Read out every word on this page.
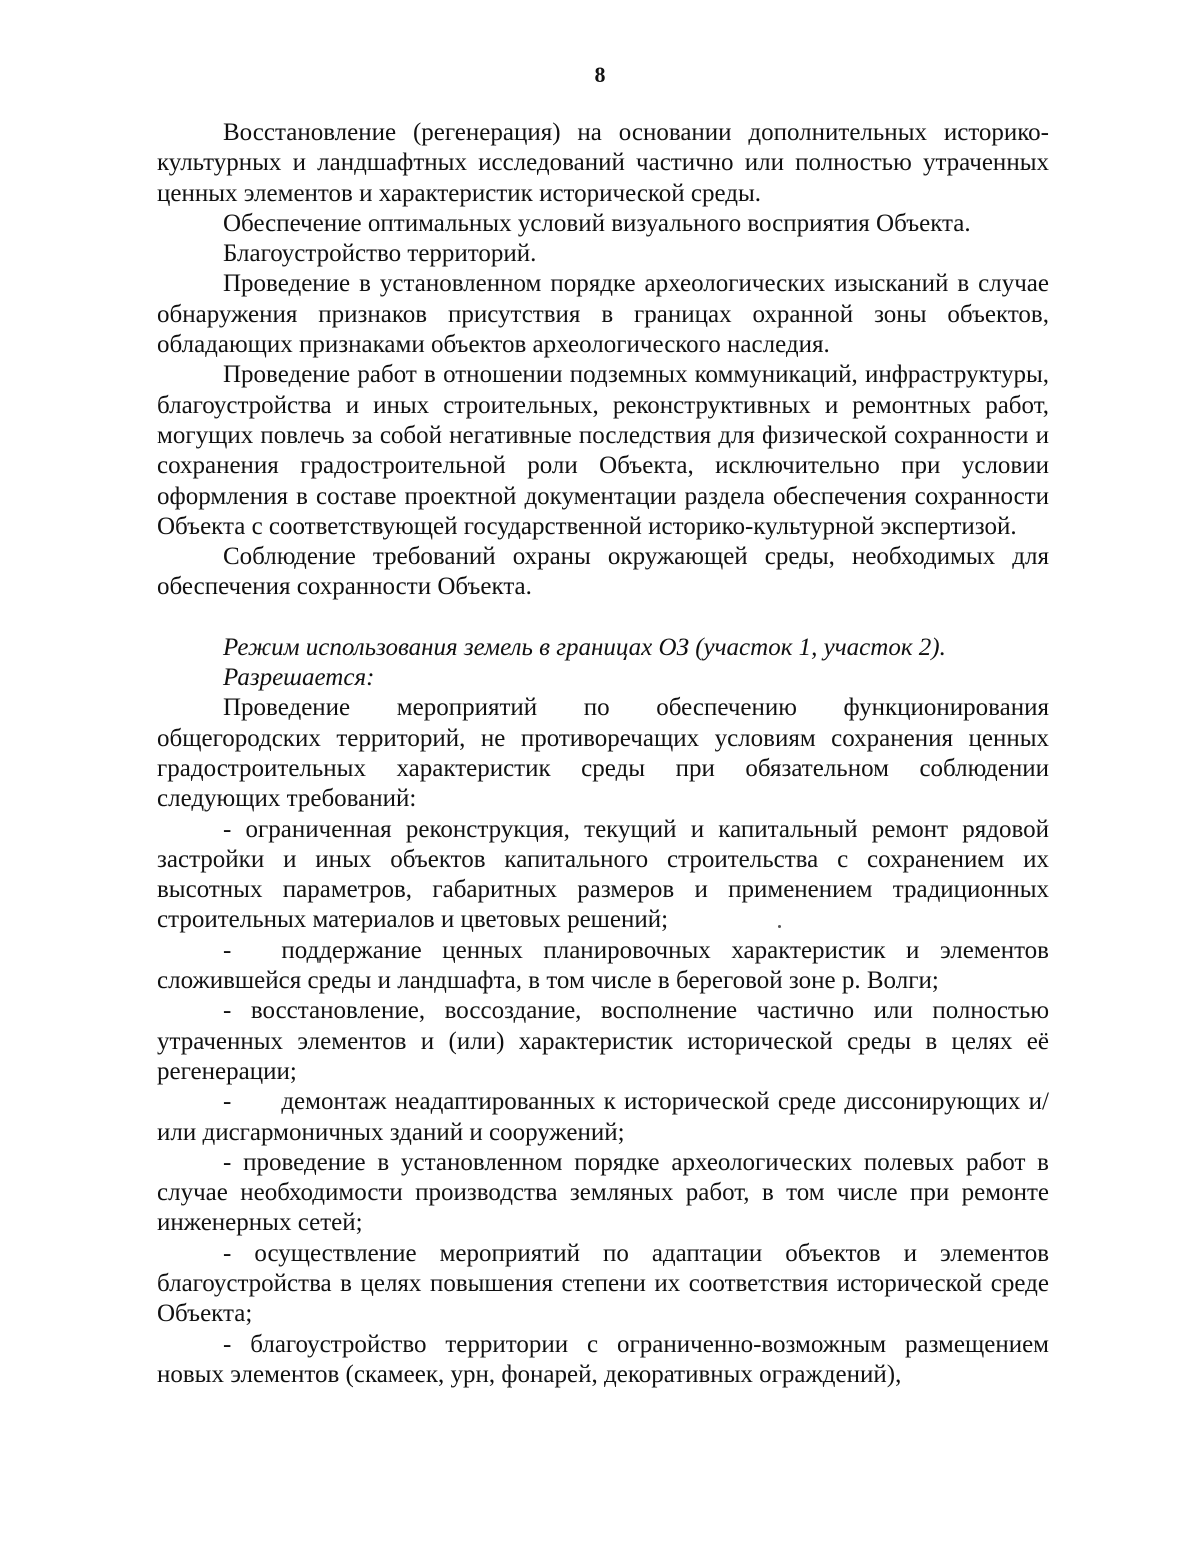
8

Восстановление (регенерация) на основании дополнительных историко-культурных и ландшафтных исследований частично или полностью утраченных ценных элементов и характеристик исторической среды.

Обеспечение оптимальных условий визуального восприятия Объекта.

Благоустройство территорий.

Проведение в установленном порядке археологических изысканий в случае обнаружения признаков присутствия в границах охранной зоны объектов, обладающих признаками объектов археологического наследия.

Проведение работ в отношении подземных коммуникаций, инфраструктуры, благоустройства и иных строительных, реконструктивных и ремонтных работ, могущих повлечь за собой негативные последствия для физической сохранности и сохранения градостроительной роли Объекта, исключительно при условии оформления в составе проектной документации раздела обеспечения сохранности Объекта с соответствующей государственной историко-культурной экспертизой.

Соблюдение требований охраны окружающей среды, необходимых для обеспечения сохранности Объекта.

Режим использования земель в границах ОЗ (участок 1, участок 2).

Разрешается:

Проведение мероприятий по обеспечению функционирования общегородских территорий, не противоречащих условиям сохранения ценных градостроительных характеристик среды при обязательном соблюдении следующих требований:

- ограниченная реконструкция, текущий и капитальный ремонт рядовой застройки и иных объектов капитального строительства с сохранением их высотных параметров, габаритных размеров и применением традиционных строительных материалов и цветовых решений;

-  поддержание ценных планировочных характеристик и элементов сложившейся среды и ландшафта, в том числе в береговой зоне р. Волги;

- восстановление, воссоздание, восполнение частично или полностью утраченных элементов и (или) характеристик исторической среды в целях её регенерации;

-  демонтаж неадаптированных к исторической среде диссонирующих и/или дисгармоничных зданий и сооружений;

- проведение в установленном порядке археологических полевых работ в случае необходимости производства земляных работ, в том числе при ремонте инженерных сетей;

- осуществление мероприятий по адаптации объектов и элементов благоустройства в целях повышения степени их соответствия исторической среде Объекта;

- благоустройство территории с ограниченно-возможным размещением новых элементов (скамеек, урн, фонарей, декоративных ограждений),
